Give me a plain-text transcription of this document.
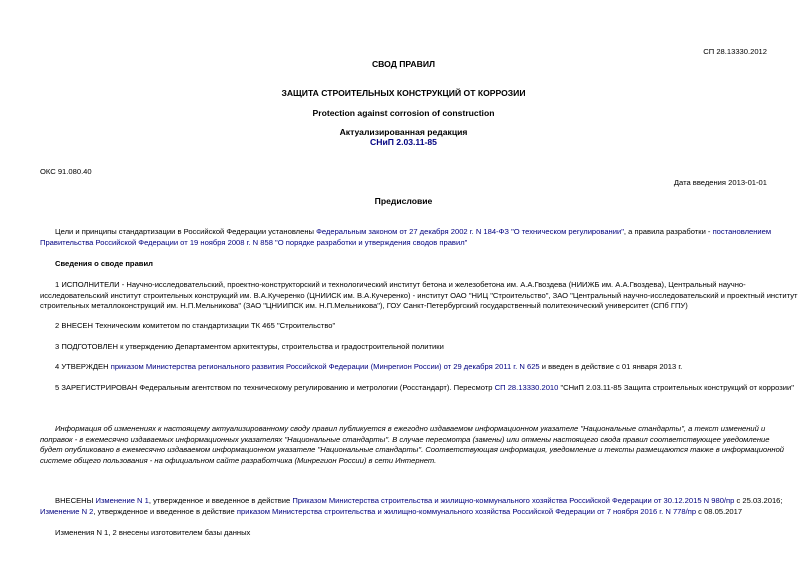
СП 28.13330.2012
СВОД ПРАВИЛ
ЗАЩИТА СТРОИТЕЛЬНЫХ КОНСТРУКЦИЙ ОТ КОРРОЗИИ
Protection against corrosion of construction
Актуализированная редакция
СНиП 2.03.11-85
ОКС 91.080.40
Дата введения 2013-01-01
Предисловие
Цели и принципы стандартизации в Российской Федерации установлены Федеральным законом от 27 декабря 2002 г. N 184-ФЗ "О техническом регулировании", а правила разработки - постановлением
Правительства Российской Федерации от 19 ноября 2008 г. N 858 "О порядке разработки и утверждения сводов правил"
Сведения о своде правил
1 ИСПОЛНИТЕЛИ - Научно-исследовательский, проектно-конструкторский и технологический институт бетона и железобетона им. А.А.Гвоздева (НИИЖБ им. А.А.Гвоздева), Центральный научно-
исследовательский институт строительных конструкций им. В.А.Кучеренко (ЦНИИСК им. В.А.Кучеренко) - институт ОАО "НИЦ "Строительство", ЗАО "Центральный научно-исследовательский и проектный институт
строительных металлоконструкций им. Н.П.Мельникова" (ЗАО "ЦНИИПСК им. Н.П.Мельникова"), ГОУ Санкт-Петербургский государственный политехнический университет (СПб ГПУ)
2 ВНЕСЕН Техническим комитетом по стандартизации ТК 465 "Строительство"
3 ПОДГОТОВЛЕН к утверждению Департаментом архитектуры, строительства и градостроительной политики
4 УТВЕРЖДЕН приказом Министерства регионального развития Российской Федерации (Минрегион России) от 29 декабря 2011 г. N 625 и введен в действие с 01 января 2013 г.
5 ЗАРЕГИСТРИРОВАН Федеральным агентством по техническому регулированию и метрологии (Росстандарт). Пересмотр СП 28.13330.2010 "СНиП 2.03.11-85 Защита строительных конструкций от коррозии"
Информация об изменениях к настоящему актуализированному своду правил публикуется в ежегодно издаваемом информационном указателе "Национальные стандарты", а текст изменений и
поправок - в ежемесячно издаваемых информационных указателях "Национальные стандарты". В случае пересмотра (замены) или отмены настоящего свода правил соответствующее уведомление
будет опубликовано в ежемесячно издаваемом информационном указателе "Национальные стандарты". Соответствующая информация, уведомление и тексты размещаются также в информационной
системе общего пользования - на официальном сайте разработчика (Минрегион России) в сети Интернет.
ВНЕСЕНЫ Изменение N 1, утвержденное и введенное в действие Приказом Министерства строительства и жилищно-коммунального хозяйства Российской Федерации от 30.12.2015 N 980/пр с 25.03.2016;
Изменение N 2, утвержденное и введенное в действие приказом Министерства строительства и жилищно-коммунального хозяйства Российской Федерации от 7 ноября 2016 г. N 778/пр с 08.05.2017
Изменения N 1, 2 внесены изготовителем базы данных
